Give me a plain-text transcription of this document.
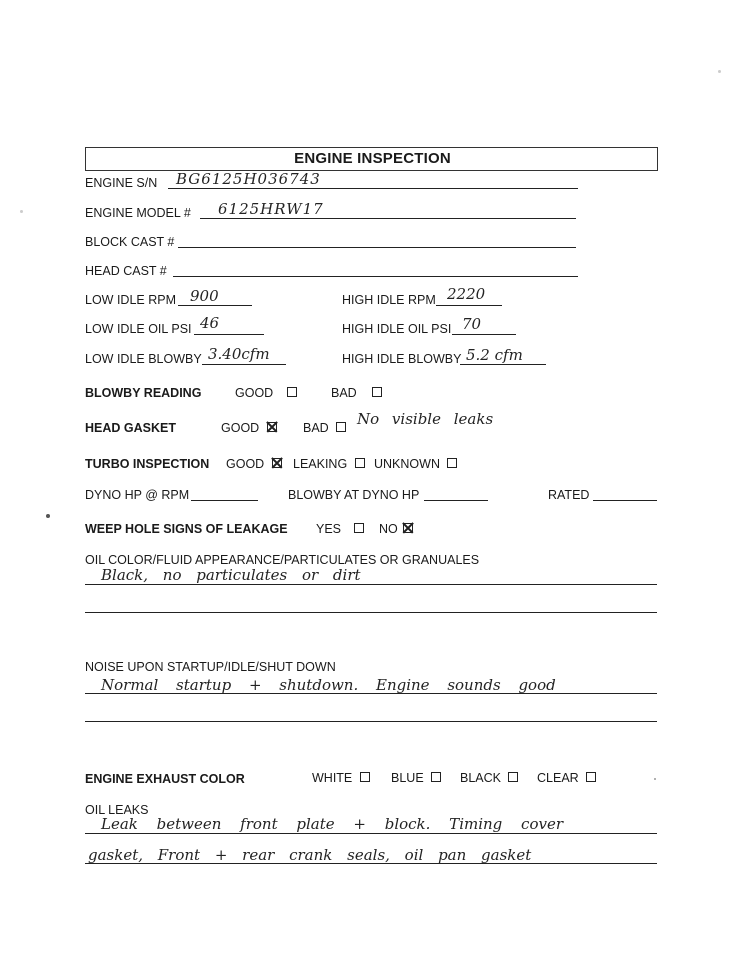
ENGINE INSPECTION
ENGINE S/N BG6125H036743
ENGINE MODEL # 6125HRW17
BLOCK CAST #
HEAD CAST #
LOW IDLE RPM 900	HIGH IDLE RPM 2220
LOW IDLE OIL PSI 46	HIGH IDLE OIL PSI 70
LOW IDLE BLOWBY 3.40cfm	HIGH IDLE BLOWBY 5.2 cfm
BLOWBY READING	GOOD	BAD
HEAD GASKET	GOOD	BAD	No visible leaks
TURBO INSPECTION GOOD	LEAKING	UNKNOWN
DYNO HP @ RPM	BLOWBY AT DYNO HP	RATED
WEEP HOLE SIGNS OF LEAKAGE YES	NO
OIL COLOR/FLUID APPEARANCE/PARTICULATES OR GRANUALES
Black, no particulates or dirt
NOISE UPON STARTUP/IDLE/SHUT DOWN
Normal startup + shutdown. Engine sounds good
ENGINE EXHAUST COLOR	WHITE	BLUE	BLACK	CLEAR
OIL LEAKS
Leak between front plate + block. Timing cover
gasket, Front + rear crank seals, oil pan gasket
